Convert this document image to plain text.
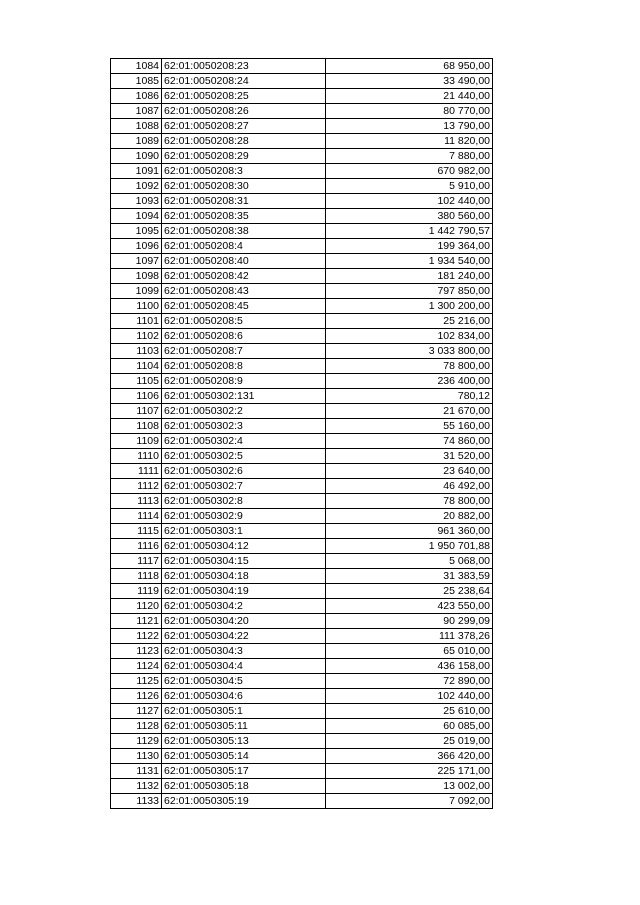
1084	62:01:0050208:23	68 950,00
1085	62:01:0050208:24	33 490,00
1086	62:01:0050208:25	21 440,00
1087	62:01:0050208:26	80 770,00
1088	62:01:0050208:27	13 790,00
1089	62:01:0050208:28	11 820,00
1090	62:01:0050208:29	7 880,00
1091	62:01:0050208:3	670 982,00
1092	62:01:0050208:30	5 910,00
1093	62:01:0050208:31	102 440,00
1094	62:01:0050208:35	380 560,00
1095	62:01:0050208:38	1 442 790,57
1096	62:01:0050208:4	199 364,00
1097	62:01:0050208:40	1 934 540,00
1098	62:01:0050208:42	181 240,00
1099	62:01:0050208:43	797 850,00
1100	62:01:0050208:45	1 300 200,00
1101	62:01:0050208:5	25 216,00
1102	62:01:0050208:6	102 834,00
1103	62:01:0050208:7	3 033 800,00
1104	62:01:0050208:8	78 800,00
1105	62:01:0050208:9	236 400,00
1106	62:01:0050302:131	780,12
1107	62:01:0050302:2	21 670,00
1108	62:01:0050302:3	55 160,00
1109	62:01:0050302:4	74 860,00
1110	62:01:0050302:5	31 520,00
1111	62:01:0050302:6	23 640,00
1112	62:01:0050302:7	46 492,00
1113	62:01:0050302:8	78 800,00
1114	62:01:0050302:9	20 882,00
1115	62:01:0050303:1	961 360,00
1116	62:01:0050304:12	1 950 701,88
1117	62:01:0050304:15	5 068,00
1118	62:01:0050304:18	31 383,59
1119	62:01:0050304:19	25 238,64
1120	62:01:0050304:2	423 550,00
1121	62:01:0050304:20	90 299,09
1122	62:01:0050304:22	111 378,26
1123	62:01:0050304:3	65 010,00
1124	62:01:0050304:4	436 158,00
1125	62:01:0050304:5	72 890,00
1126	62:01:0050304:6	102 440,00
1127	62:01:0050305:1	25 610,00
1128	62:01:0050305:11	60 085,00
1129	62:01:0050305:13	25 019,00
1130	62:01:0050305:14	366 420,00
1131	62:01:0050305:17	225 171,00
1132	62:01:0050305:18	13 002,00
1133	62:01:0050305:19	7 092,00
